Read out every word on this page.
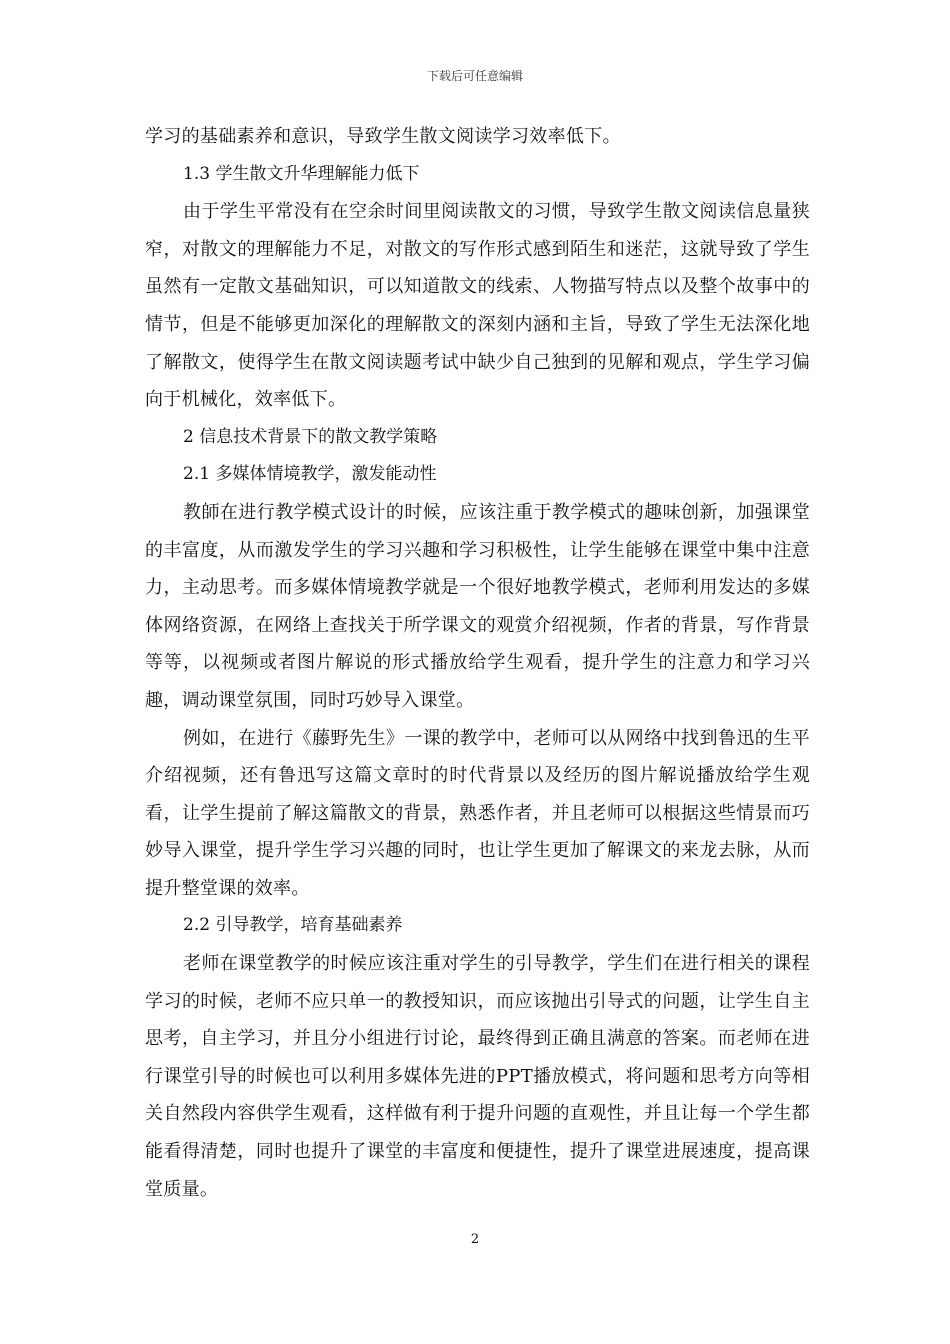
下载后可任意编辑

学习的基础素养和意识，导致学生散文阅读学习效率低下。

1.3 学生散文升华理解能力低下

由于学生平常没有在空余时间里阅读散文的习惯，导致学生散文阅读信息量狭窄，对散文的理解能力不足，对散文的写作形式感到陌生和迷茫，这就导致了学生虽然有一定散文基础知识，可以知道散文的线索、人物描写特点以及整个故事中的情节，但是不能够更加深化的理解散文的深刻内涵和主旨，导致了学生无法深化地了解散文，使得学生在散文阅读题考试中缺少自己独到的见解和观点，学生学习偏向于机械化，效率低下。

2 信息技术背景下的散文教学策略

2.1 多媒体情境教学，激发能动性

教師在进行教学模式设计的时候，应该注重于教学模式的趣味创新，加强课堂的丰富度，从而激发学生的学习兴趣和学习积极性，让学生能够在课堂中集中注意力，主动思考。而多媒体情境教学就是一个很好地教学模式，老师利用发达的多媒体网络资源，在网络上查找关于所学课文的观赏介绍视频，作者的背景，写作背景等等，以视频或者图片解说的形式播放给学生观看，提升学生的注意力和学习兴趣，调动课堂氛围，同时巧妙导入课堂。

例如，在进行《藤野先生》一课的教学中，老师可以从网络中找到鲁迅的生平介绍视频，还有鲁迅写这篇文章时的时代背景以及经历的图片解说播放给学生观看，让学生提前了解这篇散文的背景，熟悉作者，并且老师可以根据这些情景而巧妙导入课堂，提升学生学习兴趣的同时，也让学生更加了解课文的来龙去脉，从而提升整堂课的效率。

2.2 引导教学，培育基础素养

老师在课堂教学的时候应该注重对学生的引导教学，学生们在进行相关的课程学习的时候，老师不应只单一的教授知识，而应该抛出引导式的问题，让学生自主思考，自主学习，并且分小组进行讨论，最终得到正确且满意的答案。而老师在进行课堂引导的时候也可以利用多媒体先进的PPT播放模式，将问题和思考方向等相关自然段内容供学生观看，这样做有利于提升问题的直观性，并且让每一个学生都能看得清楚，同时也提升了课堂的丰富度和便捷性，提升了课堂进展速度，提高课堂质量。

2
